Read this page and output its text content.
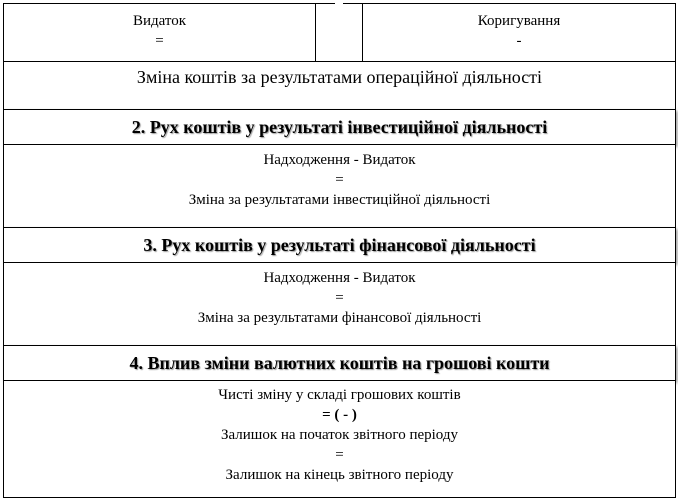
Видаток
=
Коригування
-
Зміна коштів за результатами операційної діяльності
2. Рух коштів у результаті інвестиційної діяльності
Надходження - Видаток
=
Зміна за результатами інвестиційної діяльності
3. Рух коштів у результаті фінансової діяльності
Надходження - Видаток
=
Зміна за результатами фінансової діяльності
4. Вплив зміни валютних коштів на грошові кошти
Чисті зміну у складі грошових коштів
= ( - )
Залишок на початок звітного періоду
=
Залишок на кінець звітного періоду
